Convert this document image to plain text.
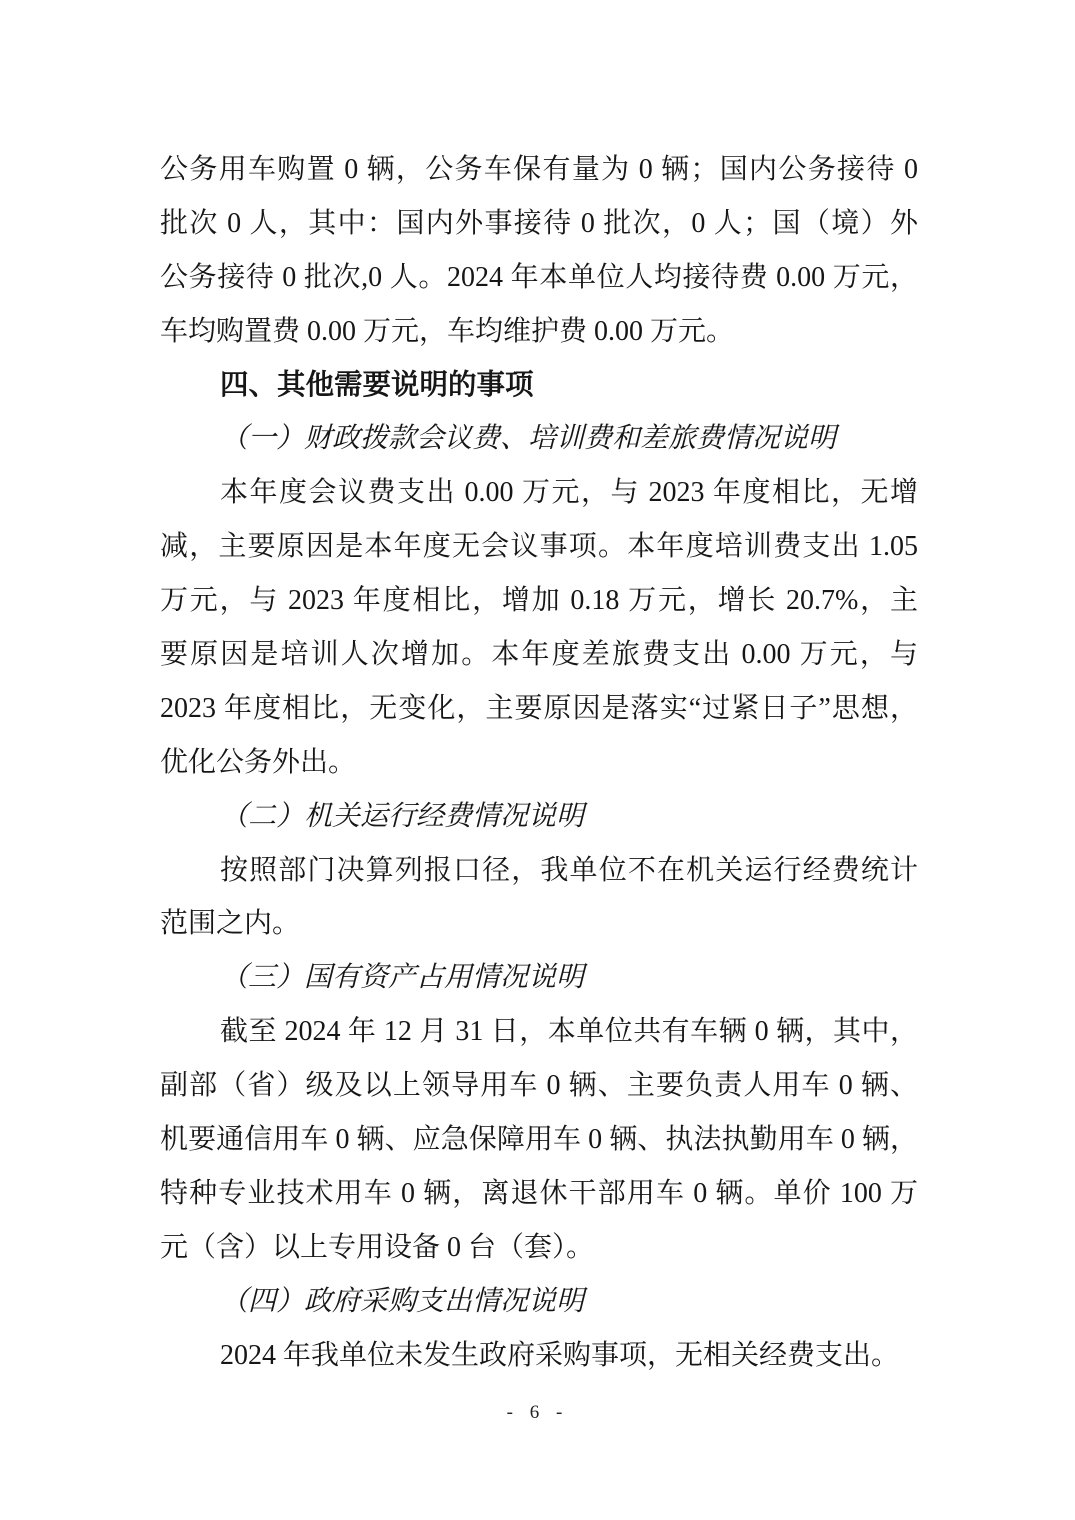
公务用车购置 0 辆，公务车保有量为 0 辆；国内公务接待 0
批次 0 人，其中：国内外事接待 0 批次，0 人；国（境）外
公务接待 0 批次,0 人。2024 年本单位人均接待费 0.00 万元，
车均购置费 0.00 万元，车均维护费 0.00 万元。
四、其他需要说明的事项
（一）财政拨款会议费、培训费和差旅费情况说明
本年度会议费支出 0.00 万元，与 2023 年度相比，无增
减，主要原因是本年度无会议事项。本年度培训费支出 1.05
万元，与 2023 年度相比，增加 0.18 万元，增长 20.7%，主
要原因是培训人次增加。本年度差旅费支出 0.00 万元，与
2023 年度相比，无变化，主要原因是落实“过紧日子”思想，
优化公务外出。
（二）机关运行经费情况说明
按照部门决算列报口径，我单位不在机关运行经费统计
范围之内。
（三）国有资产占用情况说明
截至 2024 年 12 月 31 日，本单位共有车辆 0 辆，其中，
副部（省）级及以上领导用车 0 辆、主要负责人用车 0 辆、
机要通信用车 0 辆、应急保障用车 0 辆、执法执勤用车 0 辆，
特种专业技术用车 0 辆，离退休干部用车 0 辆。单价 100 万
元（含）以上专用设备 0 台（套）。
（四）政府采购支出情况说明
2024 年我单位未发生政府采购事项，无相关经费支出。
- 6 -
